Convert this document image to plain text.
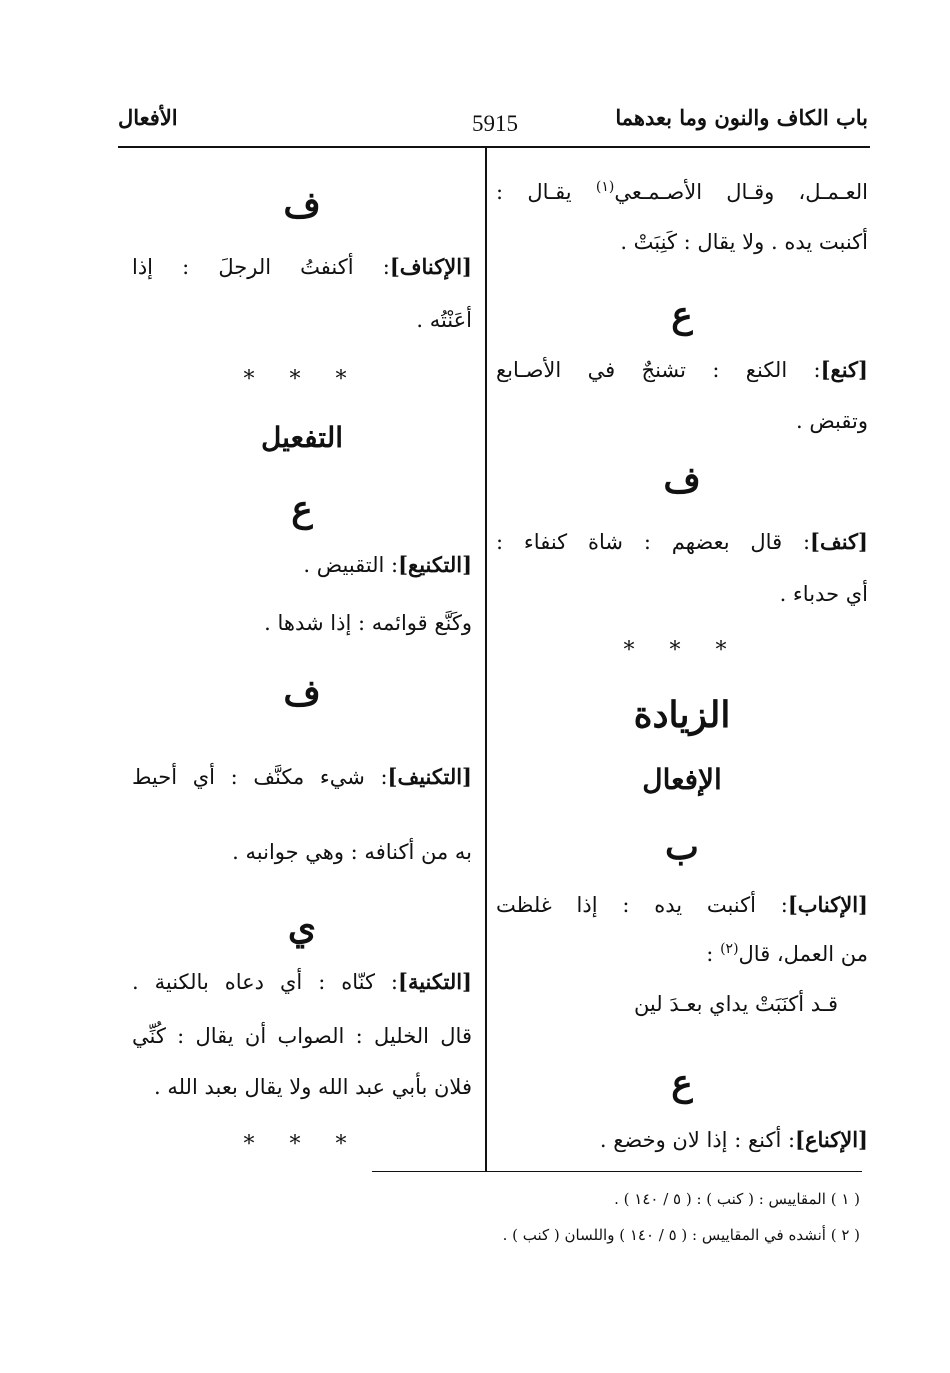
باب الكاف والنون وما بعدهما
5915
الأفعال
العـمـل، وقـال الأصـمـعي$^{(١)}$ يقـال :
أكنبت يده . ولا يقال : كَنِبَتْ .
ع
[كنع]: الكنع : تشنجٌ في الأصـابع
وتقبض .
ف
[كنف]: قال بعضهم : شاة كنفاء :
أي حدباء .
* * *
الزيادة
الإفعال
ب
[الإكناب]: أكنبت يده : إذا غلظت
من العمل، قال$^{(٢)}$ :
قـد أكنَبَتْ يداي بعـدَ لين
ع
[الإكناع]: أكنع : إذا لان وخضع .
ف
[الإكناف]: أكنفتُ الرجلَ : إذا
أعَنْتُه .
* * *
التفعيل
ع
[التكنيع]: التقبيض .
وكَنَّع قوائمه : إذا شدها .
ف
[التكنيف]: شيء مكنَّف : أي أحيط
به من أكنافه : وهي جوانبه .
ي
[التكنية]: كنّاه : أي دعاه بالكنية .
قال الخليل : الصواب أن يقال : كُنِّي
فلان بأبي عبد الله ولا يقال بعبد الله .
* * *
( ١ ) المقاييس : ( كنب ) : ( ٥ / ١٤٠ ) .
( ٢ ) أنشده في المقاييس : ( ٥ / ١٤٠ ) واللسان ( كنب ) .
